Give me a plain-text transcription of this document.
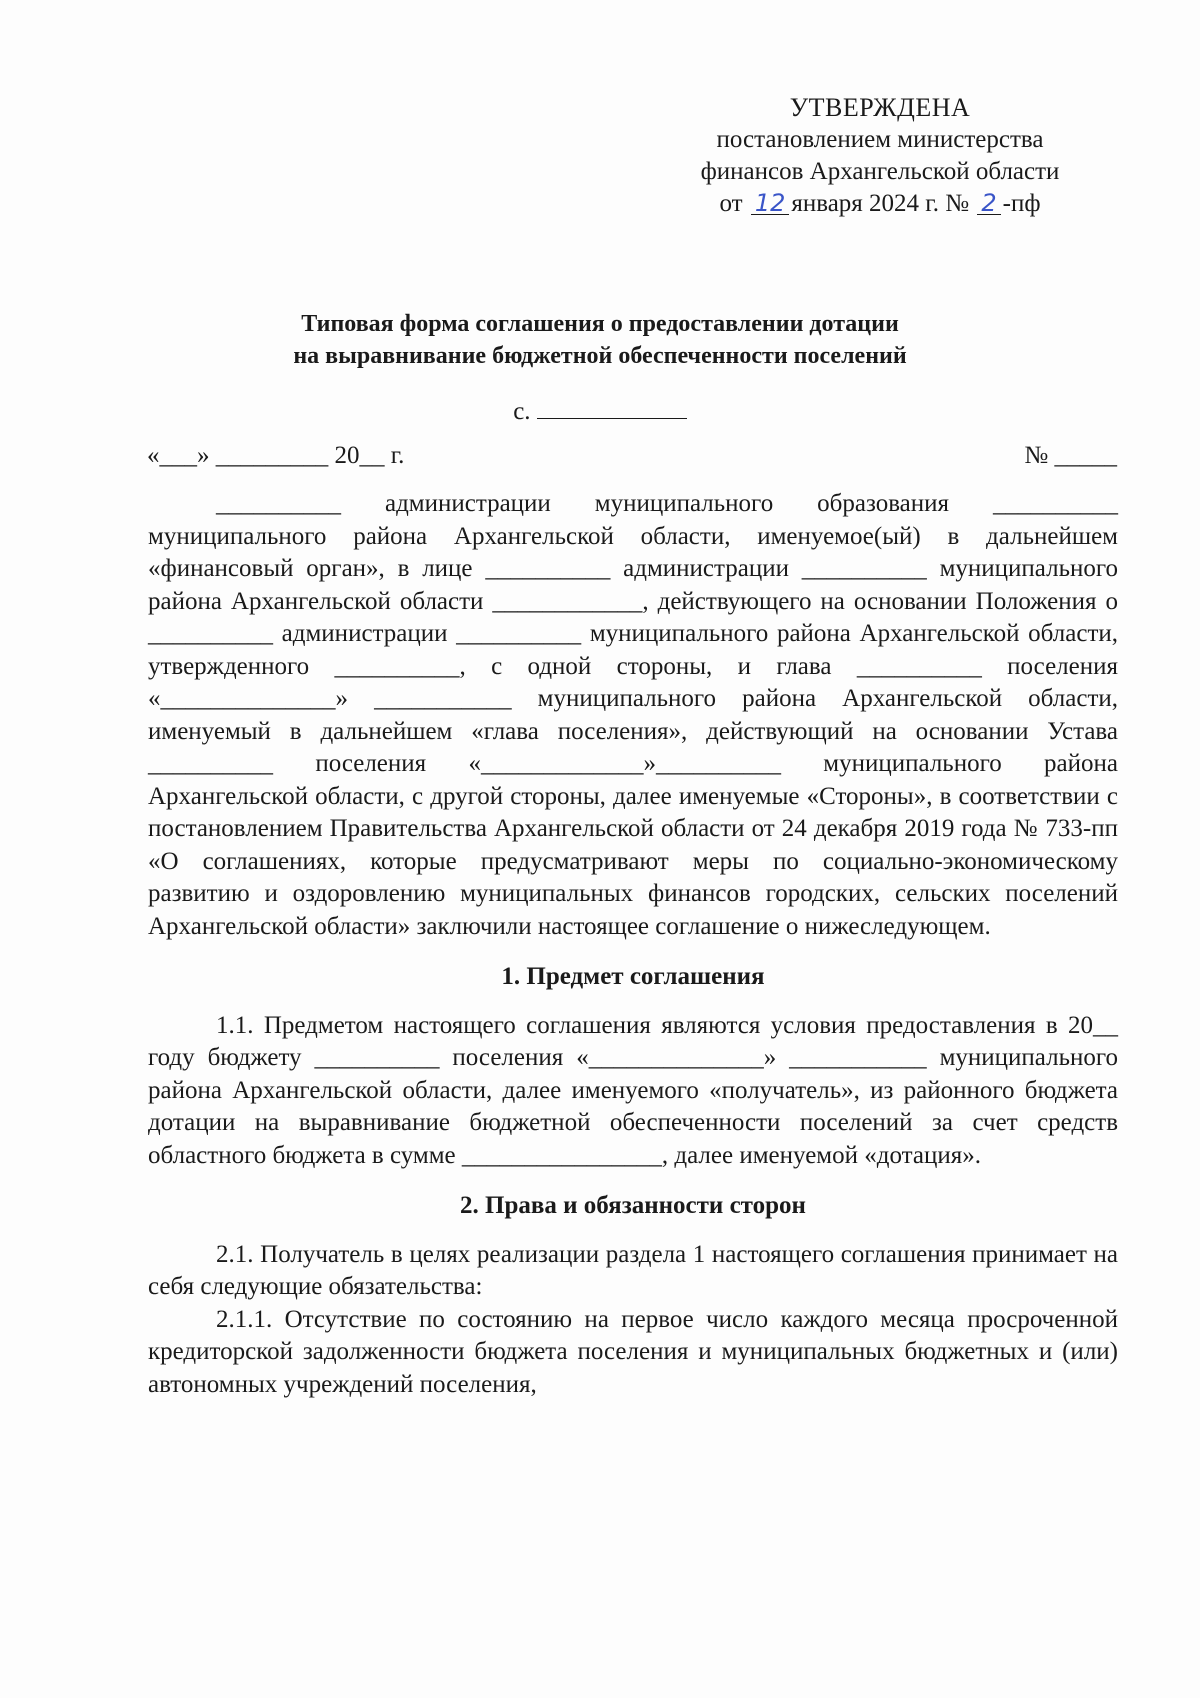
УТВЕРЖДЕНА
постановлением министерства
финансов Архангельской области
от 12 января 2024 г. № 2 -пф
Типовая форма соглашения о предоставлении дотации
на выравнивание бюджетной обеспеченности поселений
с.
«___» _________ 20__ г.	№ _____

__________ администрации муниципального образования __________ муниципального района Архангельской области, именуемое(ый) в дальнейшем «финансовый орган», в лице __________ администрации __________ муниципального района Архангельской области ____________, действующего на основании Положения о __________ администрации __________ муниципального района Архангельской области, утвержденного __________, с одной стороны, и глава __________ поселения «______________» ___________ муниципального района Архангельской области, именуемый в дальнейшем «глава поселения», действующий на основании Устава __________ поселения «_____________»__________ муниципального района Архангельской области, с другой стороны, далее именуемые «Стороны», в соответствии с постановлением Правительства Архангельской области от 24 декабря 2019 года № 733-пп «О соглашениях, которые предусматривают меры по социально-экономическому развитию и оздоровлению муниципальных финансов городских, сельских поселений Архангельской области» заключили настоящее соглашение о нижеследующем.

1. Предмет соглашения

1.1. Предметом настоящего соглашения являются условия предоставления в 20__ году бюджету __________ поселения «______________» ___________ муниципального района Архангельской области, далее именуемого «получатель», из районного бюджета дотации на выравнивание бюджетной обеспеченности поселений за счет средств областного бюджета в сумме ________________, далее именуемой «дотация».

2. Права и обязанности сторон

2.1. Получатель в целях реализации раздела 1 настоящего соглашения принимает на себя следующие обязательства:

2.1.1. Отсутствие по состоянию на первое число каждого месяца просроченной кредиторской задолженности бюджета поселения и муниципальных бюджетных и (или) автономных учреждений поселения,
